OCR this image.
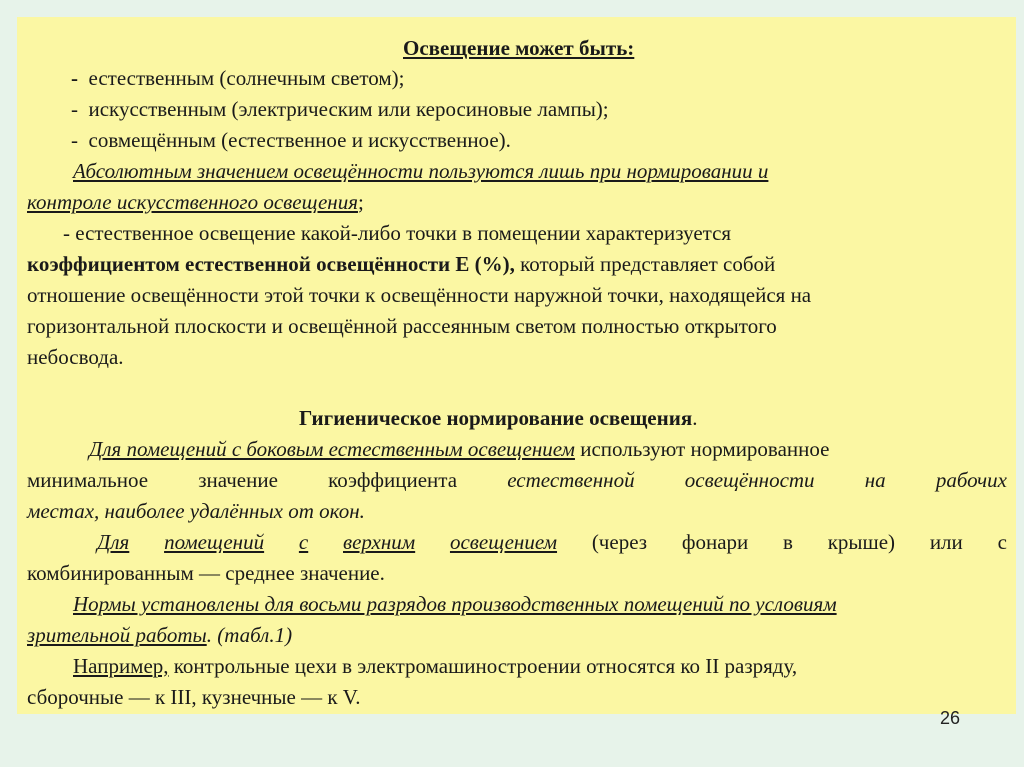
Освещение может быть:
- естественным (солнечным светом);
- искусственным (электрическим или керосиновые лампы);
- совмещённым (естественное и искусственное).
Абсолютным значением освещённости пользуются лишь при нормировании и
контроле искусственного освещения;
- естественное освещение какой-либо точки в помещении характеризуется
коэффициентом естественной освещённости Е (%), который представляет собой
отношение освещённости этой точки к освещённости наружной точки, находящейся на
горизонтальной плоскости и освещённой рассеянным светом полностью открытого
небосвода.
Гигиеническое нормирование освещения.
Для помещений с боковым естественным освещением используют нормированное
минимальное значение коэффициента естественной освещённости на рабочих
местах, наиболее удалённых от окон.
Для помещений с верхним освещением (через фонари в крыше) или с
комбинированным — среднее значение.
Нормы установлены для восьми разрядов производственных помещений по условиям
зрительной работы. (табл.1)
Например, контрольные цехи в электромашиностроении относятся ко II разряду,
сборочные — к III, кузнечные — к V.
26
